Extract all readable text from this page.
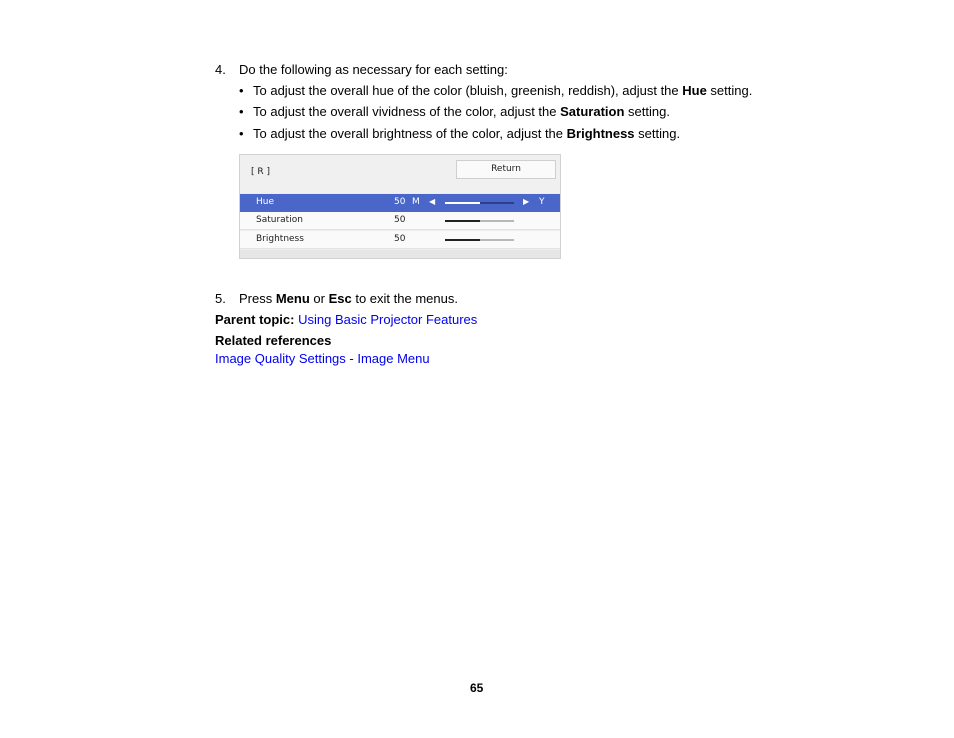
4. Do the following as necessary for each setting:
• To adjust the overall hue of the color (bluish, greenish, reddish), adjust the Hue setting.
• To adjust the overall vividness of the color, adjust the Saturation setting.
• To adjust the overall brightness of the color, adjust the Brightness setting.
[ R ]	Return
Hue	50 M ◀	▶ Y
Saturation	50
Brightness	50
5. Press Menu or Esc to exit the menus.
Parent topic: Using Basic Projector Features
Related references
Image Quality Settings - Image Menu
65
